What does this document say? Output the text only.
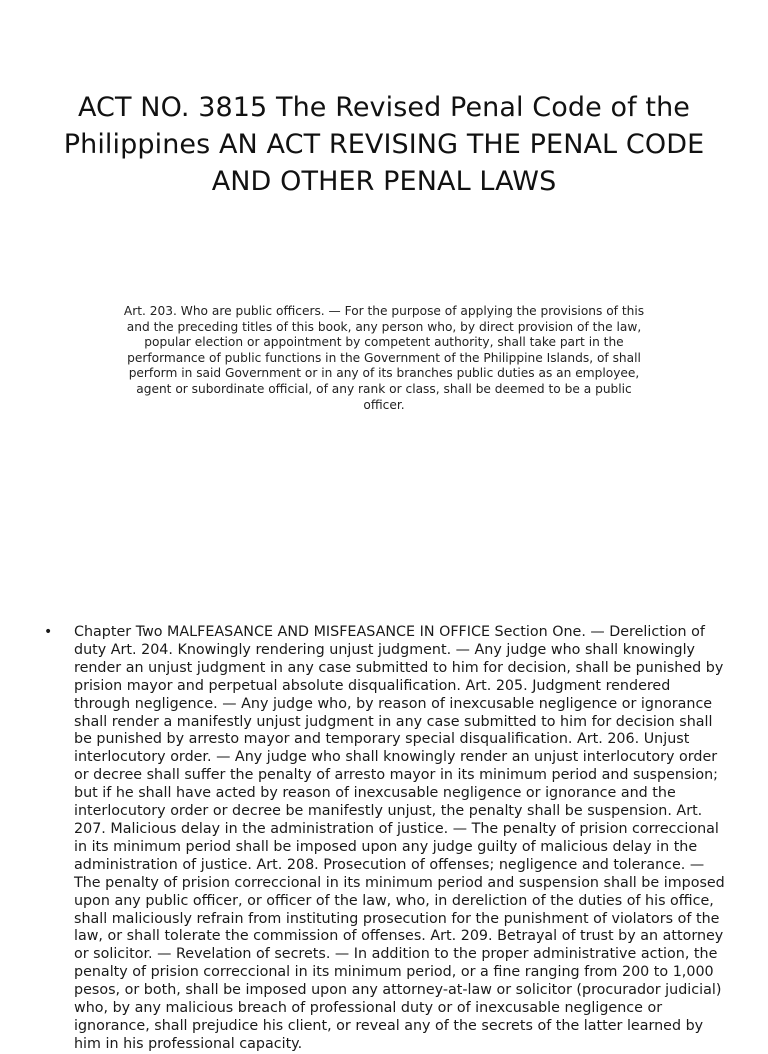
ACT NO. 3815 The Revised Penal Code of the Philippines AN ACT REVISING THE PENAL CODE AND OTHER PENAL LAWS

Art. 203. Who are public officers. — For the purpose of applying the provisions of this and the preceding titles of this book, any person who, by direct provision of the law, popular election or appointment by competent authority, shall take part in the performance of public functions in the Government of the Philippine Islands, of shall perform in said Government or in any of its branches public duties as an employee, agent or subordinate official, of any rank or class, shall be deemed to be a public officer.

• Chapter Two MALFEASANCE AND MISFEASANCE IN OFFICE Section One. — Dereliction of duty Art. 204. Knowingly rendering unjust judgment. — Any judge who shall knowingly render an unjust judgment in any case submitted to him for decision, shall be punished by prision mayor and perpetual absolute disqualification. Art. 205. Judgment rendered through negligence. — Any judge who, by reason of inexcusable negligence or ignorance shall render a manifestly unjust judgment in any case submitted to him for decision shall be punished by arresto mayor and temporary special disqualification. Art. 206. Unjust interlocutory order. — Any judge who shall knowingly render an unjust interlocutory order or decree shall suffer the penalty of arresto mayor in its minimum period and suspension; but if he shall have acted by reason of inexcusable negligence or ignorance and the interlocutory order or decree be manifestly unjust, the penalty shall be suspension. Art. 207. Malicious delay in the administration of justice. — The penalty of prision correccional in its minimum period shall be imposed upon any judge guilty of malicious delay in the administration of justice. Art. 208. Prosecution of offenses; negligence and tolerance. — The penalty of prision correccional in its minimum period and suspension shall be imposed upon any public officer, or officer of the law, who, in dereliction of the duties of his office, shall maliciously refrain from instituting prosecution for the punishment of violators of the law, or shall tolerate the commission of offenses. Art. 209. Betrayal of trust by an attorney or solicitor. — Revelation of secrets. — In addition to the proper administrative action, the penalty of prision correccional in its minimum period, or a fine ranging from 200 to 1,000 pesos, or both, shall be imposed upon any attorney-at-law or solicitor (procurador judicial) who, by any malicious breach of professional duty or of inexcusable negligence or ignorance, shall prejudice his client, or reveal any of the secrets of the latter learned by him in his professional capacity.
